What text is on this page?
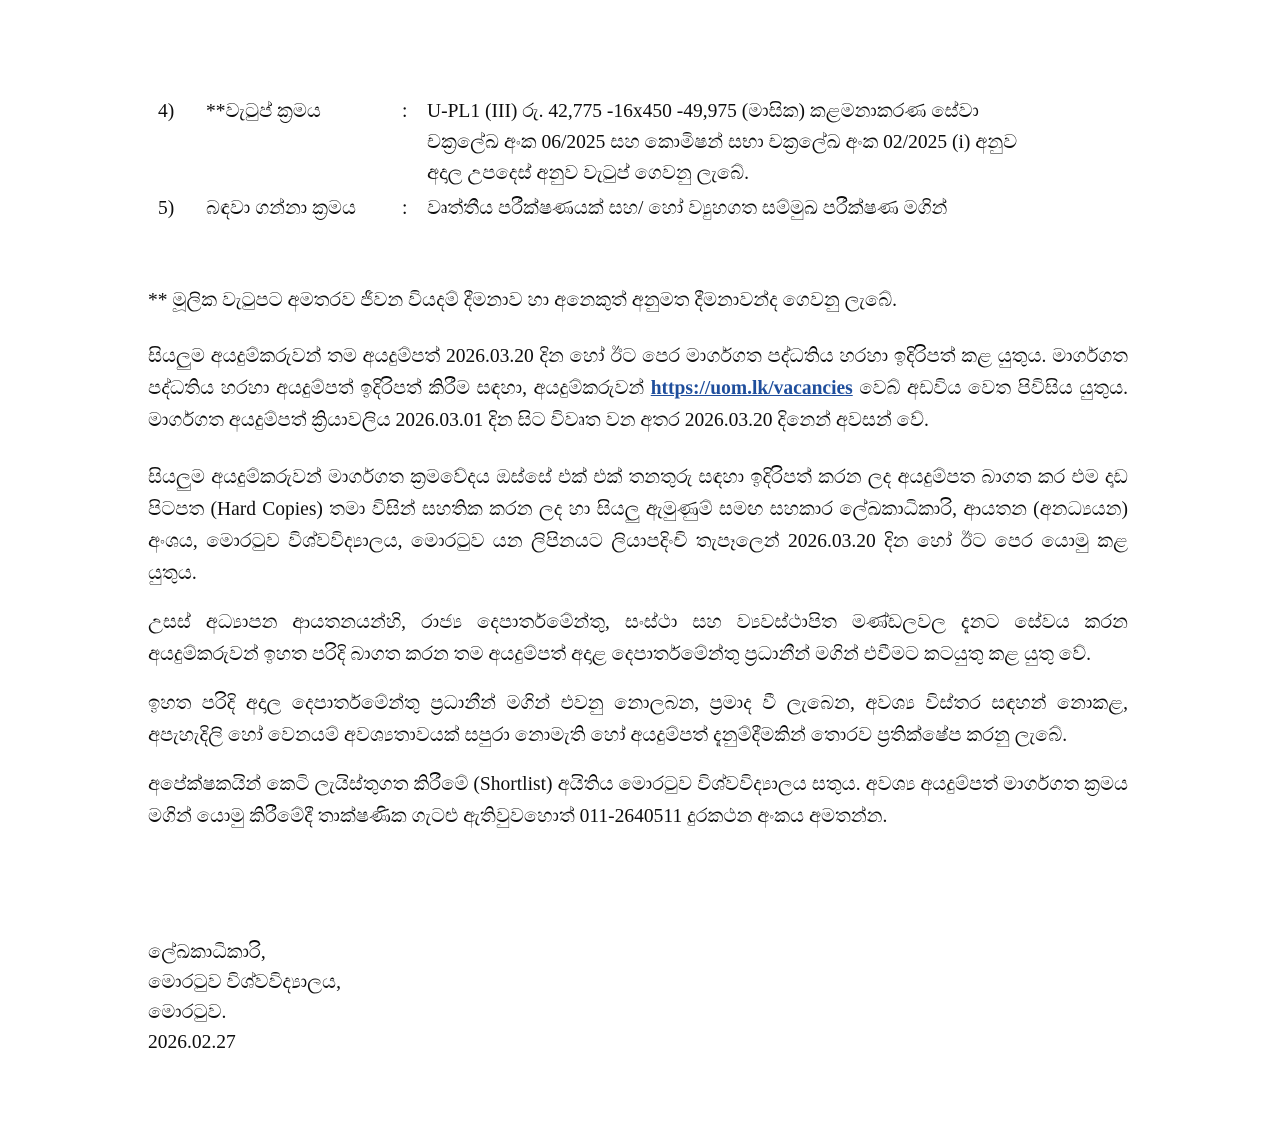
4)	**වැටුප් ක්‍රමය	:	U-PL1 (III) රු. 42,775 -16x450 -49,975 (මාසික) කළමනාකරණ සේවා
චක්‍රලේඛ අංක 06/2025 සහ කොමිෂන් සභා චක්‍රලේඛ අංක 02/2025 (i) අනුව
අදාල උපදෙස් අනුව වැටුප් ගෙවනු ලැබේ.
5)	බඳවා ගන්නා ක්‍රමය	:	වෘත්තීය පරීක්ෂණයක් සහ/ හෝ ව්‍යුහගත සම්මුඛ පරීක්ෂණ මගින්

** මූලික වැටුපට අමතරව ජීවන වියදම් දීමනාව හා අනෙකුත් අනුමත දීමනාවන්ද ගෙවනු ලැබේ.

සියලුම අයදුම්කරුවන් තම අයදුම්පත් 2026.03.20 දින හෝ ඊට පෙර මාර්ගගත පද්ධතිය හරහා ඉදිරිපත් කළ යුතුය. මාර්ගගත පද්ධතිය හරහා අයදුම්පත් ඉදිරිපත් කිරීම සඳහා, අයදුම්කරුවන් https://uom.lk/vacancies වෙබ් අඩවිය වෙත පිවිසිය යුතුය. මාර්ගගත අයදුම්පත් ක්‍රියාවලිය 2026.03.01 දින සිට විවෘත වන අතර 2026.03.20 දිනෙන් අවසන් වේ.

සියලුම අයදුම්කරුවන් මාර්ගගත ක්‍රමවේදය ඔස්සේ එක් එක් තනතුරු සඳහා ඉදිරිපත් කරන ලද අයදුම්පත බාගත කර එම දෘඩ පිටපත (Hard Copies) තමා විසින් සහතික කරන ලද හා සියලු ඇමුණුම් සමඟ සහකාර ලේඛකාධිකාරි, ආයතන (අනධ්‍යයන) අංශය, මොරටුව විශ්වවිද්‍යාලය, මොරටුව යන ලිපිනයට ලියාපදිංචි තැපෑලෙන් 2026.03.20 දින හෝ ඊට පෙර යොමු කළ යුතුය.

උසස් අධ්‍යාපන ආයතනයන්හි, රාජ්‍ය දෙපාර්තමේන්තු, සංස්ථා සහ ව්‍යවස්ථාපිත මණ්ඩලවල දැනට සේවය කරන අයදුම්කරුවන් ඉහත පරිදි බාගත කරන තම අයදුම්පත් අදාළ දෙපාර්තමේන්තු ප්‍රධානීන් මගින් එවීමට කටයුතු කළ යුතු වේ.

ඉහත පරිදි අදාල දෙපාර්තමේන්තු ප්‍රධානීන් මගින් එවනු නොලබන, ප්‍රමාද වී ලැබෙන, අවශ්‍ය විස්තර සඳහන් නොකළ, අපැහැදිලි හෝ වෙනයම් අවශ්‍යතාවයක් සපුරා නොමැති හෝ අයදුම්පත් දැනුම්දීමකින් තොරව ප්‍රතික්ෂේප කරනු ලැබේ.

අපේක්ෂකයින් කෙටි ලැයිස්තුගත කිරීමේ (Shortlist) අයිතිය මොරටුව විශ්වවිද්‍යාලය සතුය. අවශ්‍ය අයදුම්පත් මාර්ගගත ක්‍රමය මගින් යොමු කිරීමේදී තාක්ෂණික ගැටළු ඇතිවුවහොත් 011-2640511 දුරකථන අංකය අමතන්න.

ලේඛකාධිකාරි,
මොරටුව විශ්වවිද්‍යාලය,
මොරටුව.
2026.02.27
